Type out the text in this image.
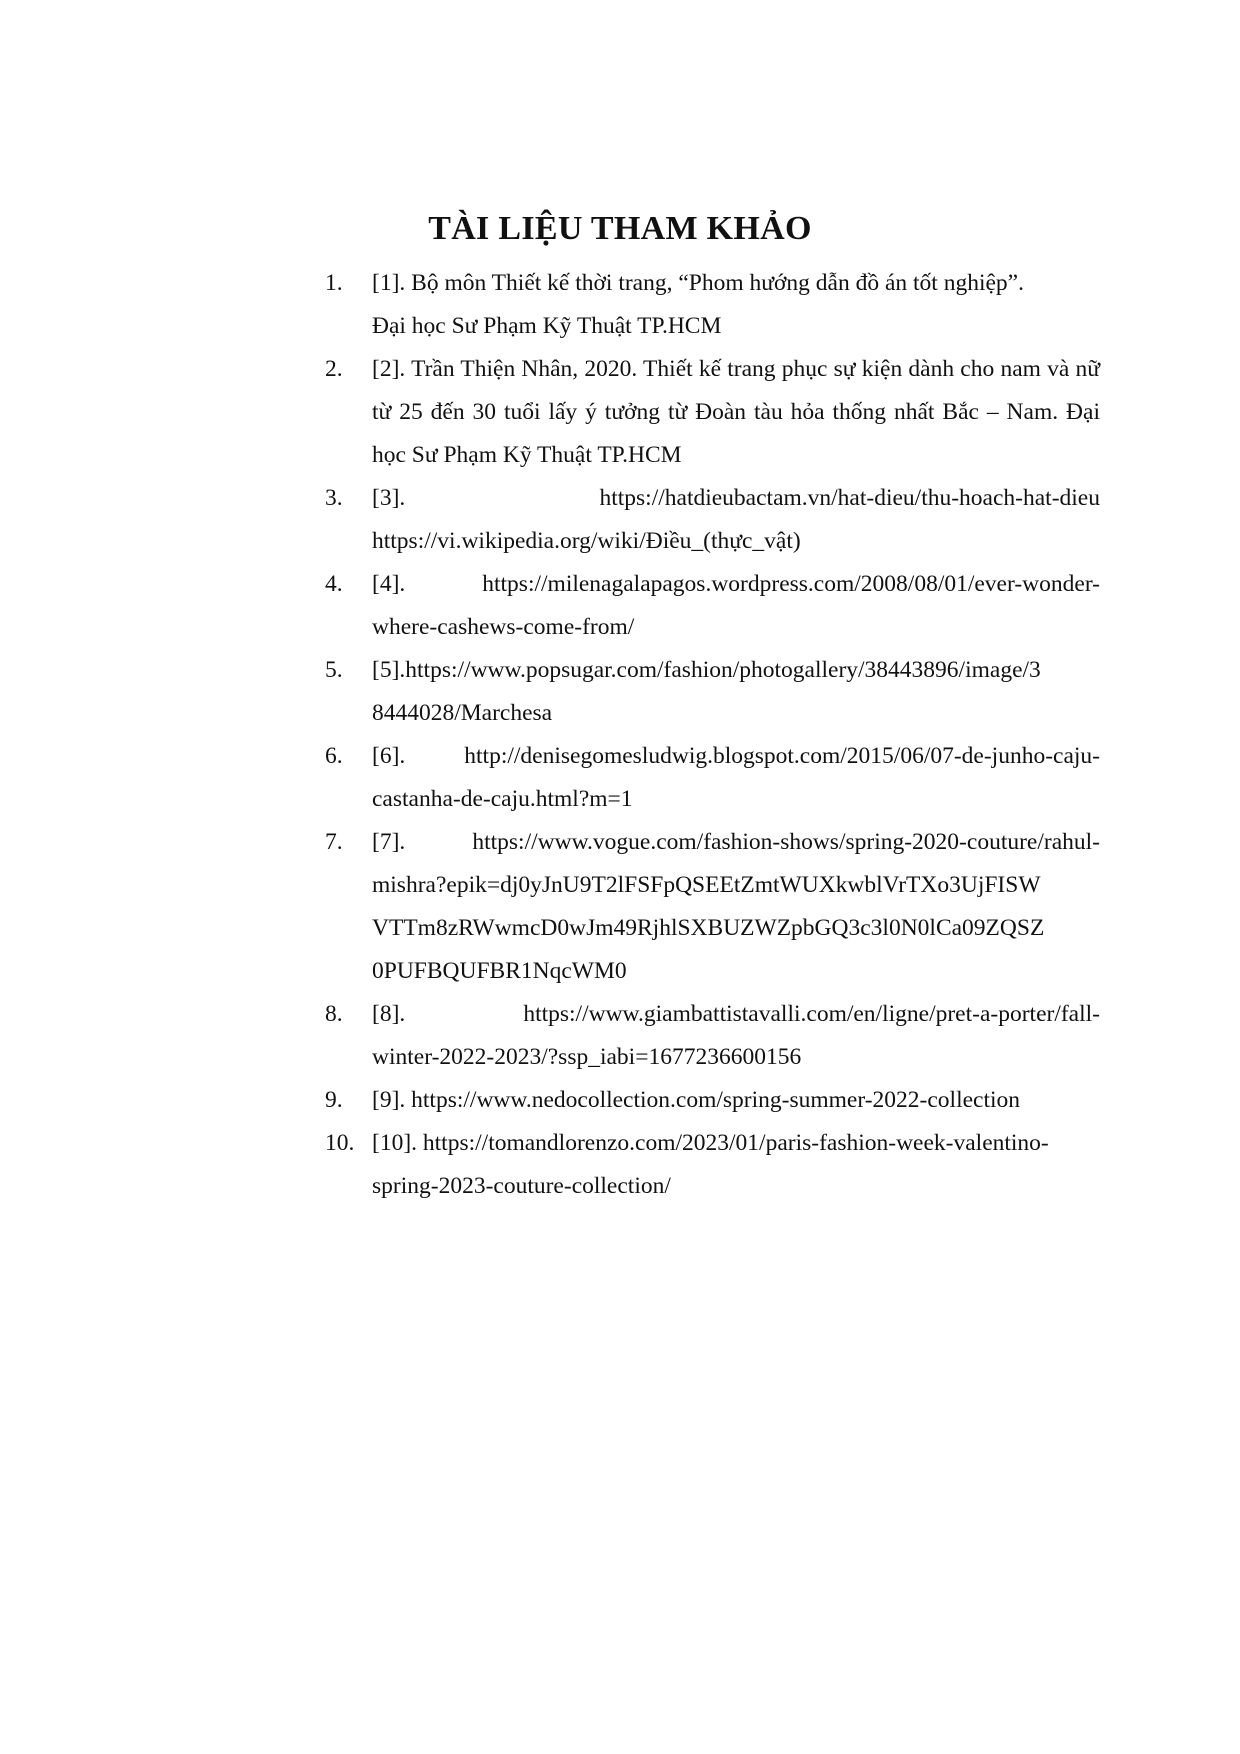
TÀI LIỆU THAM KHẢO
1.	[1]. Bộ môn Thiết kế thời trang, “Phom hướng dẫn đồ án tốt nghiệp”.
Đại học Sư Phạm Kỹ Thuật TP.HCM
2.	[2]. Trần Thiện Nhân, 2020. Thiết kế trang phục sự kiện dành cho nam và nữ từ 25 đến 30 tuổi lấy ý tưởng từ Đoàn tàu hỏa thống nhất Bắc – Nam. Đại học Sư Phạm Kỹ Thuật TP.HCM
3.	[3].	https://hatdieubactam.vn/hat-dieu/thu-hoach-hat-dieu
https://vi.wikipedia.org/wiki/Điều_(thực_vật)
4.	[4].	https://milenagalapagos.wordpress.com/2008/08/01/ever-wonder-
where-cashews-come-from/
5.	[5].https://www.popsugar.com/fashion/photogallery/38443896/image/3
8444028/Marchesa
6.	[6].	http://denisegomesludwig.blogspot.com/2015/06/07-de-junho-caju-
castanha-de-caju.html?m=1
7.	[7].	https://www.vogue.com/fashion-shows/spring-2020-couture/rahul-
mishra?epik=dj0yJnU9T2lFSFpQSEEtZmtWUXkwblVrTXo3UjFISW
VTTm8zRWwmcD0wJm49RjhlSXBUZWZpbGQ3c3l0N0lCa09ZQSZ
0PUFBQUFBR1NqcWM0
8.	[8].	https://www.giambattistavalli.com/en/ligne/pret-a-porter/fall-
winter-2022-2023/?ssp_iabi=1677236600156
9.	[9]. https://www.nedocollection.com/spring-summer-2022-collection
10. [10]. https://tomandlorenzo.com/2023/01/paris-fashion-week-valentino-
spring-2023-couture-collection/
